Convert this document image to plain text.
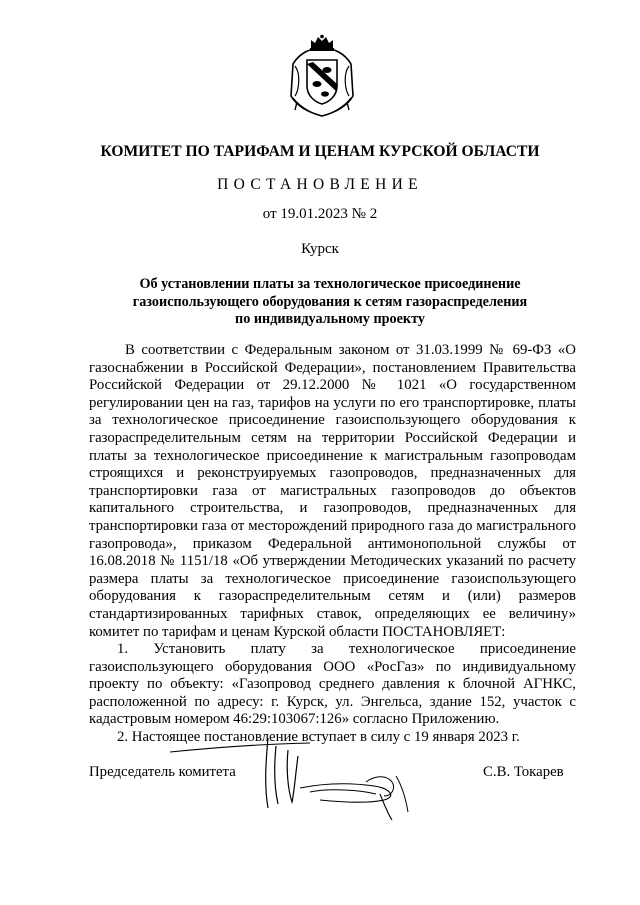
КОМИТЕТ ПО ТАРИФАМ И ЦЕНАМ КУРСКОЙ ОБЛАСТИ
ПОСТАНОВЛЕНИЕ
от 19.01.2023 № 2
Курск
Об установлении платы за технологическое присоединение
газоиспользующего оборудования к сетям газораспределения
по индивидуальному проекту

В соответствии с Федеральным законом от 31.03.1999 № 69-ФЗ «О газоснабжении в Российской Федерации», постановлением Правительства Российской Федерации от 29.12.2000 № 1021 «О государственном регулировании цен на газ, тарифов на услуги по его транспортировке, платы за технологическое присоединение газоиспользующего оборудования к газораспределительным сетям на территории Российской Федерации и платы за технологическое присоединение к магистральным газопроводам строящихся и реконструируемых газопроводов, предназначенных для транспортировки газа от магистральных газопроводов до объектов капитального строительства, и газопроводов, предназначенных для транспортировки газа от месторождений природного газа до магистрального газопровода», приказом Федеральной антимонопольной службы от 16.08.2018 № 1151/18 «Об утверждении Методических указаний по расчету размера платы за технологическое присоединение газоиспользующего оборудования к газораспределительным сетям и (или) размеров стандартизированных тарифных ставок, определяющих ее величину» комитет по тарифам и ценам Курской области ПОСТАНОВЛЯЕТ:

1. Установить плату за технологическое присоединение газоиспользующего оборудования ООО «РосГаз» по индивидуальному проекту по объекту: «Газопровод среднего давления к блочной АГНКС, расположенной по адресу: г. Курск, ул. Энгельса, здание 152, участок с кадастровым номером 46:29:103067:126» согласно Приложению.

2. Настоящее постановление вступает в силу с 19 января 2023 г.

Председатель комитета	С.В. Токарев
